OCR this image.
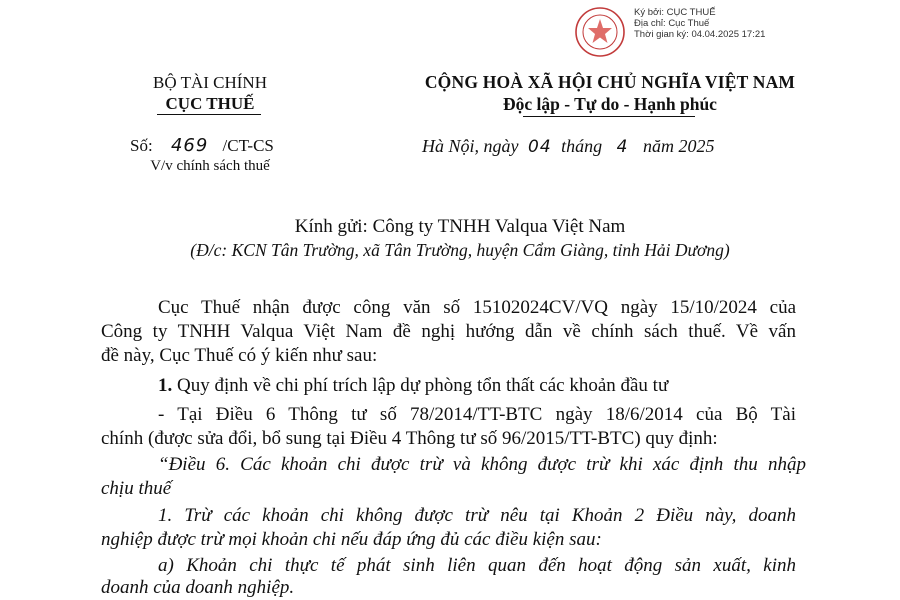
Ký bởi: CỤC THUẾ
Địa chỉ: Cục Thuế
Thời gian ký: 04.04.2025 17:21
BỘ TÀI CHÍNH
CỤC THUẾ
Số: 469 /CT-CS
V/v chính sách thuế
CỘNG HOÀ XÃ HỘI CHỦ NGHĨA VIỆT NAM
Độc lập - Tự do - Hạnh phúc
Hà Nội, ngày 04 tháng 4 năm 2025
Kính gửi: Công ty TNHH Valqua Việt Nam
(Đ/c: KCN Tân Trường, xã Tân Trường, huyện Cẩm Giàng, tỉnh Hải Dương)
Cục Thuế nhận được công văn số 15102024CV/VQ ngày 15/10/2024 của
Công ty TNHH Valqua Việt Nam đề nghị hướng dẫn về chính sách thuế. Về vấn
đề này, Cục Thuế có ý kiến như sau:
1. Quy định về chi phí trích lập dự phòng tổn thất các khoản đầu tư
- Tại Điều 6 Thông tư số 78/2014/TT-BTC ngày 18/6/2014 của Bộ Tài
chính (được sửa đổi, bổ sung tại Điều 4 Thông tư số 96/2015/TT-BTC) quy định:
“Điều 6. Các khoản chi được trừ và không được trừ khi xác định thu nhập
chịu thuế
1. Trừ các khoản chi không được trừ nêu tại Khoản 2 Điều này, doanh
nghiệp được trừ mọi khoản chi nếu đáp ứng đủ các điều kiện sau:
a) Khoản chi thực tế phát sinh liên quan đến hoạt động sản xuất, kinh
doanh của doanh nghiệp.
